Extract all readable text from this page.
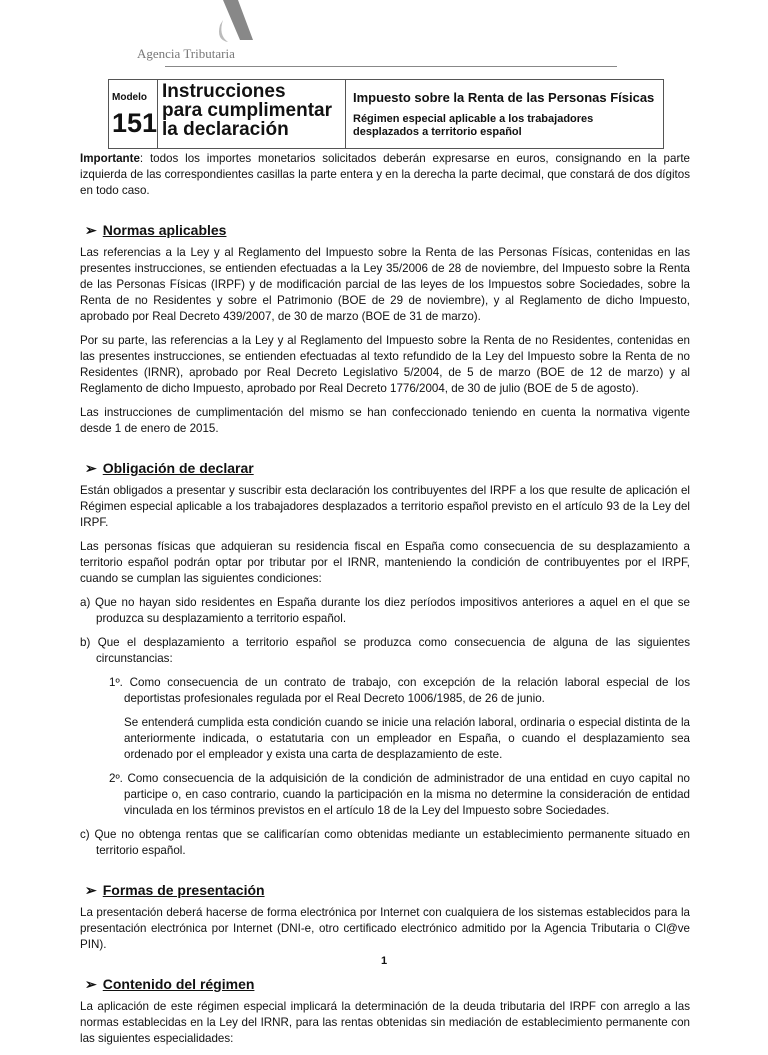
Agencia Tributaria
Modelo
151
Instrucciones
para cumplimentar
la declaración
Impuesto sobre la Renta de las Personas Físicas
Régimen especial aplicable a los trabajadores
desplazados a territorio español

Importante: todos los importes monetarios solicitados deberán expresarse en euros, consignando en la parte izquierda de las correspondientes casillas la parte entera y en la derecha la parte decimal, que constará de dos dígitos en todo caso.

➢ Normas aplicables

Las referencias a la Ley y al Reglamento del Impuesto sobre la Renta de las Personas Físicas, contenidas en las presentes instrucciones, se entienden efectuadas a la Ley 35/2006 de 28 de noviembre, del Impuesto sobre la Renta de las Personas Físicas (IRPF) y de modificación parcial de las leyes de los Impuestos sobre Sociedades, sobre la Renta de no Residentes y sobre el Patrimonio (BOE de 29 de noviembre), y al Reglamento de dicho Impuesto, aprobado por Real Decreto 439/2007, de 30 de marzo (BOE de 31 de marzo).

Por su parte, las referencias a la Ley y al Reglamento del Impuesto sobre la Renta de no Residentes, contenidas en las presentes instrucciones, se entienden efectuadas al texto refundido de la Ley del Impuesto sobre la Renta de no Residentes (IRNR), aprobado por Real Decreto Legislativo 5/2004, de 5 de marzo (BOE de 12 de marzo) y al Reglamento de dicho Impuesto, aprobado por Real Decreto 1776/2004, de 30 de julio (BOE de 5 de agosto).

Las instrucciones de cumplimentación del mismo se han confeccionado teniendo en cuenta la normativa vigente desde 1 de enero de 2015.

➢ Obligación de declarar

Están obligados a presentar y suscribir esta declaración los contribuyentes del IRPF a los que resulte de aplicación el Régimen especial aplicable a los trabajadores desplazados a territorio español previsto en el artículo 93 de la Ley del IRPF.

Las personas físicas que adquieran su residencia fiscal en España como consecuencia de su desplazamiento a territorio español podrán optar por tributar por el IRNR, manteniendo la condición de contribuyentes por el IRPF, cuando se cumplan las siguientes condiciones:

a) Que no hayan sido residentes en España durante los diez períodos impositivos anteriores a aquel en el que se produzca su desplazamiento a territorio español.

b) Que el desplazamiento a territorio español se produzca como consecuencia de alguna de las siguientes circunstancias:

1º. Como consecuencia de un contrato de trabajo, con excepción de la relación laboral especial de los deportistas profesionales regulada por el Real Decreto 1006/1985, de 26 de junio.

Se entenderá cumplida esta condición cuando se inicie una relación laboral, ordinaria o especial distinta de la anteriormente indicada, o estatutaria con un empleador en España, o cuando el desplazamiento sea ordenado por el empleador y exista una carta de desplazamiento de este.

2º. Como consecuencia de la adquisición de la condición de administrador de una entidad en cuyo capital no participe o, en caso contrario, cuando la participación en la misma no determine la consideración de entidad vinculada en los términos previstos en el artículo 18 de la Ley del Impuesto sobre Sociedades.

c) Que no obtenga rentas que se calificarían como obtenidas mediante un establecimiento permanente situado en territorio español.

➢ Formas de presentación

La presentación deberá hacerse de forma electrónica por Internet con cualquiera de los sistemas establecidos para la presentación electrónica por Internet (DNI-e, otro certificado electrónico admitido por la Agencia Tributaria o Cl@ve PIN).

➢ Contenido del régimen

La aplicación de este régimen especial implicará la determinación de la deuda tributaria del IRPF con arreglo a las normas establecidas en la Ley del IRNR, para las rentas obtenidas sin mediación de establecimiento permanente con las siguientes especialidades:

1
